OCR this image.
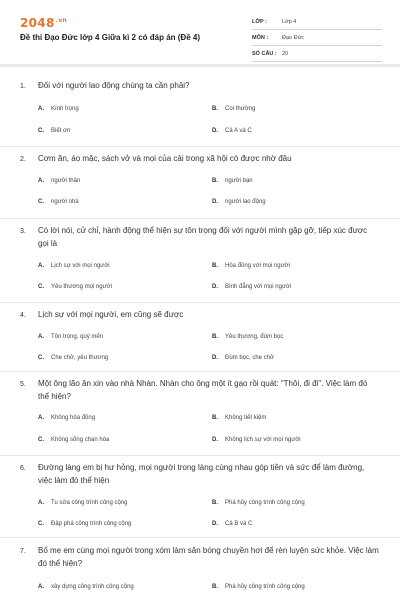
$2048^{.vn}$
Đề thi Đạo Đức lớp 4 Giữa kì 2 có đáp án (Đề 4)
LỚP :	Lớp 4
MÔN :	Đạo Đức
SỐ CÂU : 20
1.	Đối với người lao động chúng ta cần phải?
A.	Kính trọng	B.	Coi thường
C.	Biết ơn	D.	Cả A và C
2.	Cơm ăn, áo mặc, sách vở và mọi của cải trong xã hội có được nhờ đâu
A.	người thân	B.	người bạn
C.	người nhà	D.	người lao động
3.	Có lời nói, cử chỉ, hành động thể hiện sự tôn trọng đối với người mình gặp gỡ, tiếp xúc được gọi là
A.	Lịch sự với mọi người	B.	Hòa đồng với mọi người
C.	Yêu thương mọi người	D.	Bình đẳng với mọi người
4.	Lịch sự với mọi người, em cũng sẽ được
A.	Tôn trọng, quý mến	B.	Yêu thương, đùm bọc
C.	Che chở, yêu thương	D.	Đùm bọc, che chở
5.	Một ông lão ăn xin vào nhà Nhàn. Nhàn cho ông một ít gạo rồi quát: "Thôi, đi đi". Việc làm đó thể hiện?
A.	Không hòa đồng	B.	Không tiết kiệm
C.	Không sống chan hòa	D.	Không lịch sự với mọi người
6.	Đường làng em bị hư hỏng, mọi người trong làng cùng nhau góp tiền và sức để làm đường, việc làm đó thể hiện
A.	Tu sửa công trình công cộng	B.	Phá hủy công trình công cộng
C.	Đập phá công trình công cộng	D.	Cả B và C
7.	Bố mẹ em cùng mọi người trong xóm làm sân bóng chuyền hơi để rèn luyện sức khỏe. Việc làm đó thể hiện?
A.	xây dựng công trình công cộng	B.	Phá hủy công trình công cộng
